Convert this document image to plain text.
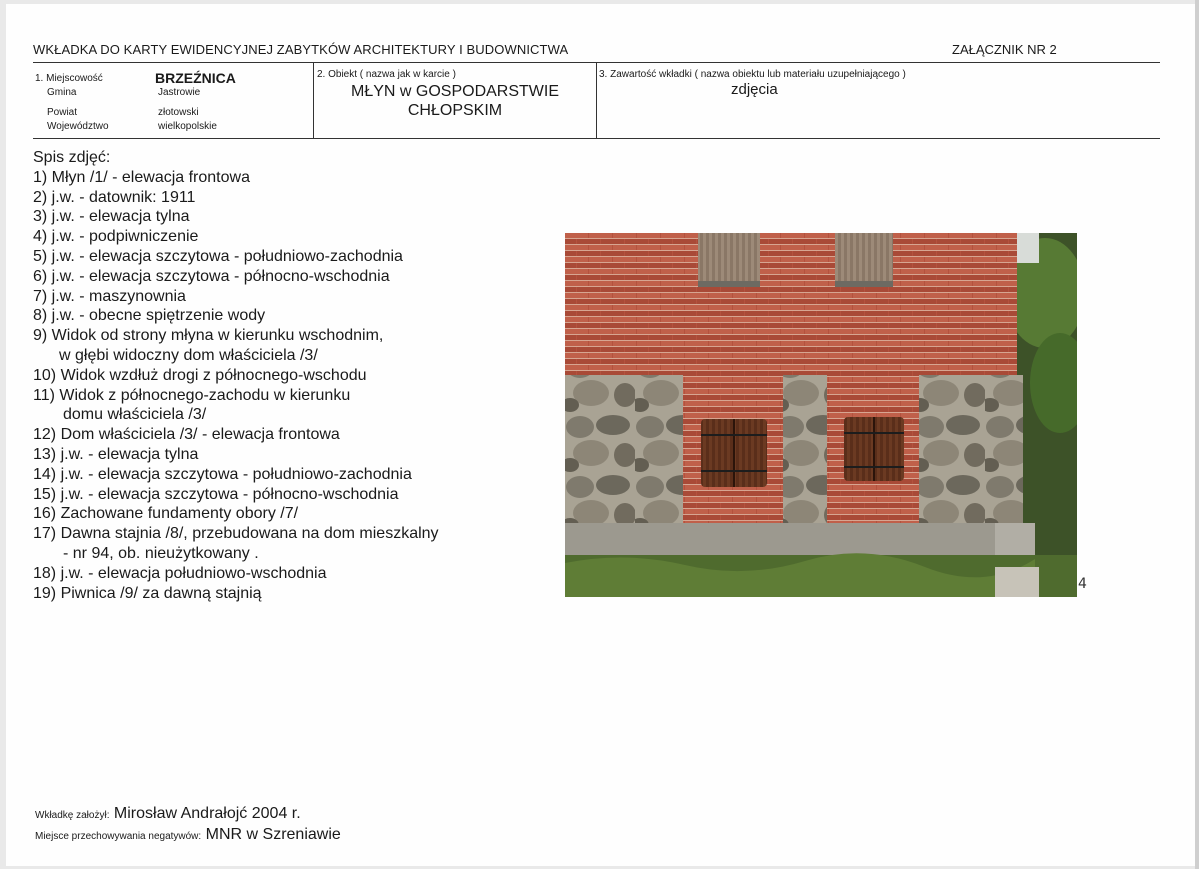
WKŁADKA DO KARTY EWIDENCYJNEJ ZABYTKÓW ARCHITEKTURY I BUDOWNICTWA	ZAŁĄCZNIK NR 2
1. Miejscowość	BRZEŹNICA
Gmina	Jastrowie
Powiat	złotowski
Województwo	wielkopolskie
2. Obiekt ( nazwa jak w karcie )
MŁYN w GOSPODARSTWIE CHŁOPSKIM
3. Zawartość wkładki ( nazwa obiektu lub materiału uzupełniającego )
zdjęcia
Spis zdjęć:
1) Młyn /1/ - elewacja frontowa
2) j.w. - datownik: 1911
3) j.w. - elewacja tylna
4) j.w. - podpiwniczenie
5) j.w. - elewacja szczytowa - południowo-zachodnia
6) j.w. - elewacja szczytowa - północno-wschodnia
7) j.w. - maszynownia
8) j.w. - obecne spiętrzenie wody
9) Widok od strony młyna w kierunku wschodnim,
w głębi widoczny dom właściciela /3/
10) Widok wzdłuż drogi z północnego-wschodu
11) Widok z północnego-zachodu w kierunku
domu właściciela /3/
12) Dom właściciela /3/ - elewacja frontowa
13) j.w. - elewacja tylna
14) j.w. - elewacja szczytowa - południowo-zachodnia
15) j.w. - elewacja szczytowa - północno-wschodnia
16) Zachowane fundamenty obory /7/
17) Dawna stajnia /8/, przebudowana na dom mieszkalny
- nr 94, ob. nieużytkowany .
18) j.w. - elewacja południowo-wschodnia
19) Piwnica /9/ za dawną stajnią
4
Wkładkę założył: Mirosław Andrałojć 2004 r.
Miejsce przechowywania negatywów: MNR w Szreniawie
